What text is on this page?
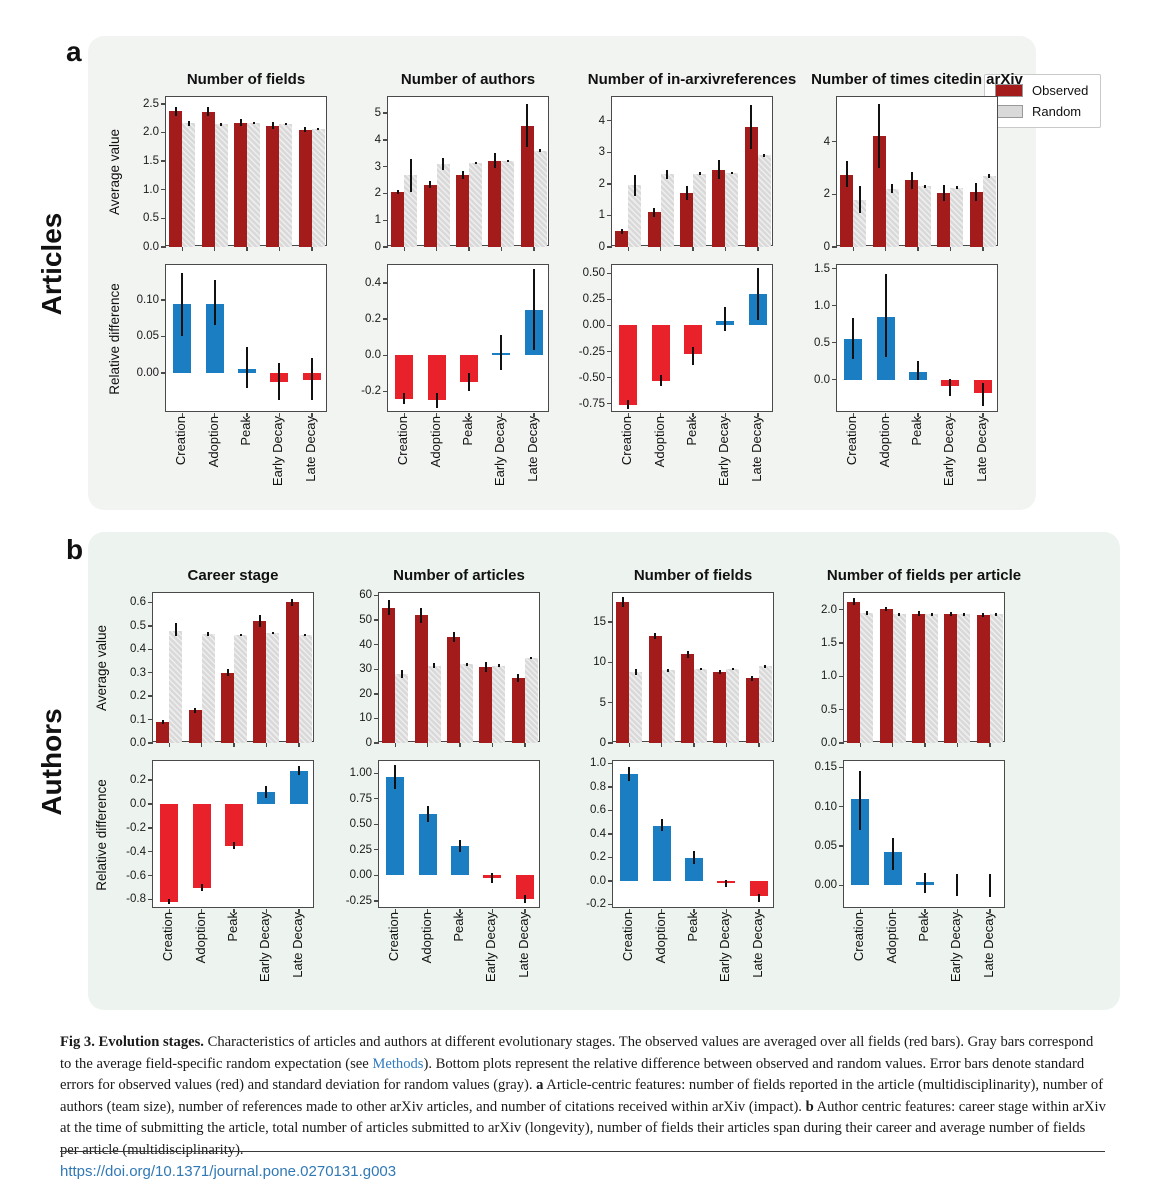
a
b
Articles
Authors
Observed
Random
Number of fields
0.0
0.5
1.0
1.5
2.0
2.5
Average value
0.00
0.05
0.10
Relative difference
Creation Adoption Peak Early Decay Late Decay
Number of authors
0
1
2
3
4
5
-0.2
0.0
0.2
0.4
Creation Adoption Peak Early Decay Late Decay
Number of in-arxiv references
0
1
2
3
4
-0.75
-0.50
-0.25
0.00
0.25
0.50
Creation Adoption Peak Early Decay Late Decay
Number of times cited in arXiv
0
2
4
0.0
0.5
1.0
1.5
Creation Adoption Peak Early Decay Late Decay
Career stage
0.0
0.1
0.2
0.3
0.4
0.5
0.6
Average value
-0.8
-0.6
-0.4
-0.2
0.0
0.2
Relative difference
Creation Adoption Peak Early Decay Late Decay
Number of articles
0
10
20
30
40
50
60
-0.25
0.00
0.25
0.50
0.75
1.00
Creation Adoption Peak Early Decay Late Decay
Number of fields
0
5
10
15
-0.2
0.0
0.2
0.4
0.6
0.8
1.0
Creation Adoption Peak Early Decay Late Decay
Number of fields per article
0.0
0.5
1.0
1.5
2.0
0.00
0.05
0.10
0.15
Creation Adoption Peak Early Decay Late Decay
Fig 3. Evolution stages. Characteristics of articles and authors at different evolutionary stages. The observed values are averaged over all fields (red bars). Gray bars correspond to the average field-specific random expectation (see Methods). Bottom plots represent the relative difference between observed and random values. Error bars denote standard errors for observed values (red) and standard deviation for random values (gray). a Article-centric features: number of fields reported in the article (multidisciplinarity), number of authors (team size), number of references made to other arXiv articles, and number of citations received within arXiv (impact). b Author centric features: career stage within arXiv at the time of submitting the article, total number of articles submitted to arXiv (longevity), number of fields their articles span during their career and average number of fields per article (multidisciplinarity).
https://doi.org/10.1371/journal.pone.0270131.g003
